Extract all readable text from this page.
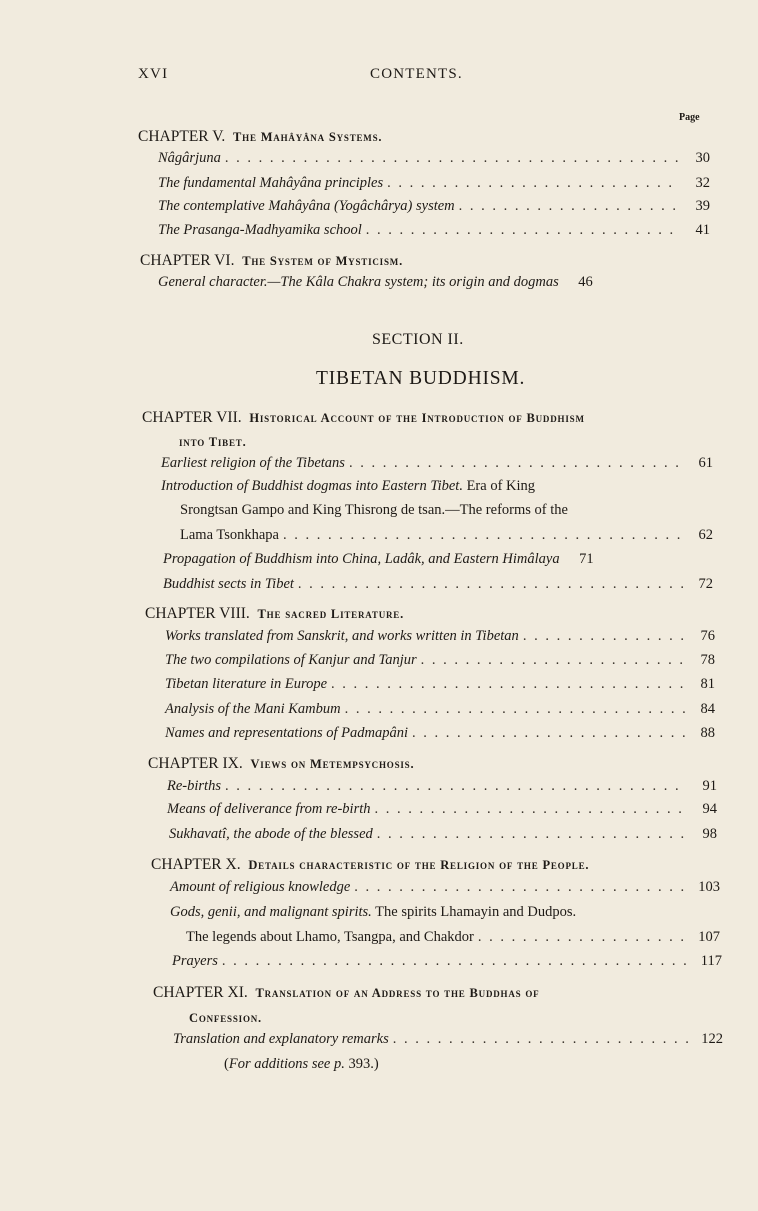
XVI	CONTENTS.
Page
CHAPTER V. The Mahâyâna Systems.
Nâgârjuna . . .	30
The fundamental Mahâyâna principles . . .	32
The contemplative Mahâyâna (Yogâchârya) system . . .	39
The Prasanga-Madhyamika school . . .	41
CHAPTER VI. The System of Mysticism.
General character.—The Kâla Chakra system; its origin and dogmas	46
SECTION II.
TIBETAN BUDDHISM.
CHAPTER VII. Historical Account of the Introduction of Buddhism
into Tibet.
Earliest religion of the Tibetans . . .	61
Introduction of Buddhist dogmas into Eastern Tibet. Era of King
Srongtsan Gampo and King Thisrong de tsan.—The reforms of the
Lama Tsonkhapa . . .	62
Propagation of Buddhism into China, Ladâk, and Eastern Himâlaya	71
Buddhist sects in Tibet . . .	72
CHAPTER VIII. The sacred Literature.
Works translated from Sanskrit, and works written in Tibetan . . .	76
The two compilations of Kanjur and Tanjur . . .	78
Tibetan literature in Europe . . .	81
Analysis of the Mani Kambum . . .	84
Names and representations of Padmapâni . . .	88
CHAPTER IX. Views on Metempsychosis.
Re-births . . .	91
Means of deliverance from re-birth . . .	94
Sukhavatî, the abode of the blessed . . .	98
CHAPTER X. Details characteristic of the Religion of the People.
Amount of religious knowledge . . .	103
Gods, genii, and malignant spirits. The spirits Lhamayin and Dudpos.
The legends about Lhamo, Tsangpa, and Chakdor . . .	107
Prayers . . .	117
CHAPTER XI. Translation of an Address to the Buddhas of
Confession.
Translation and explanatory remarks . . .	122
(For additions see p. 393.)
